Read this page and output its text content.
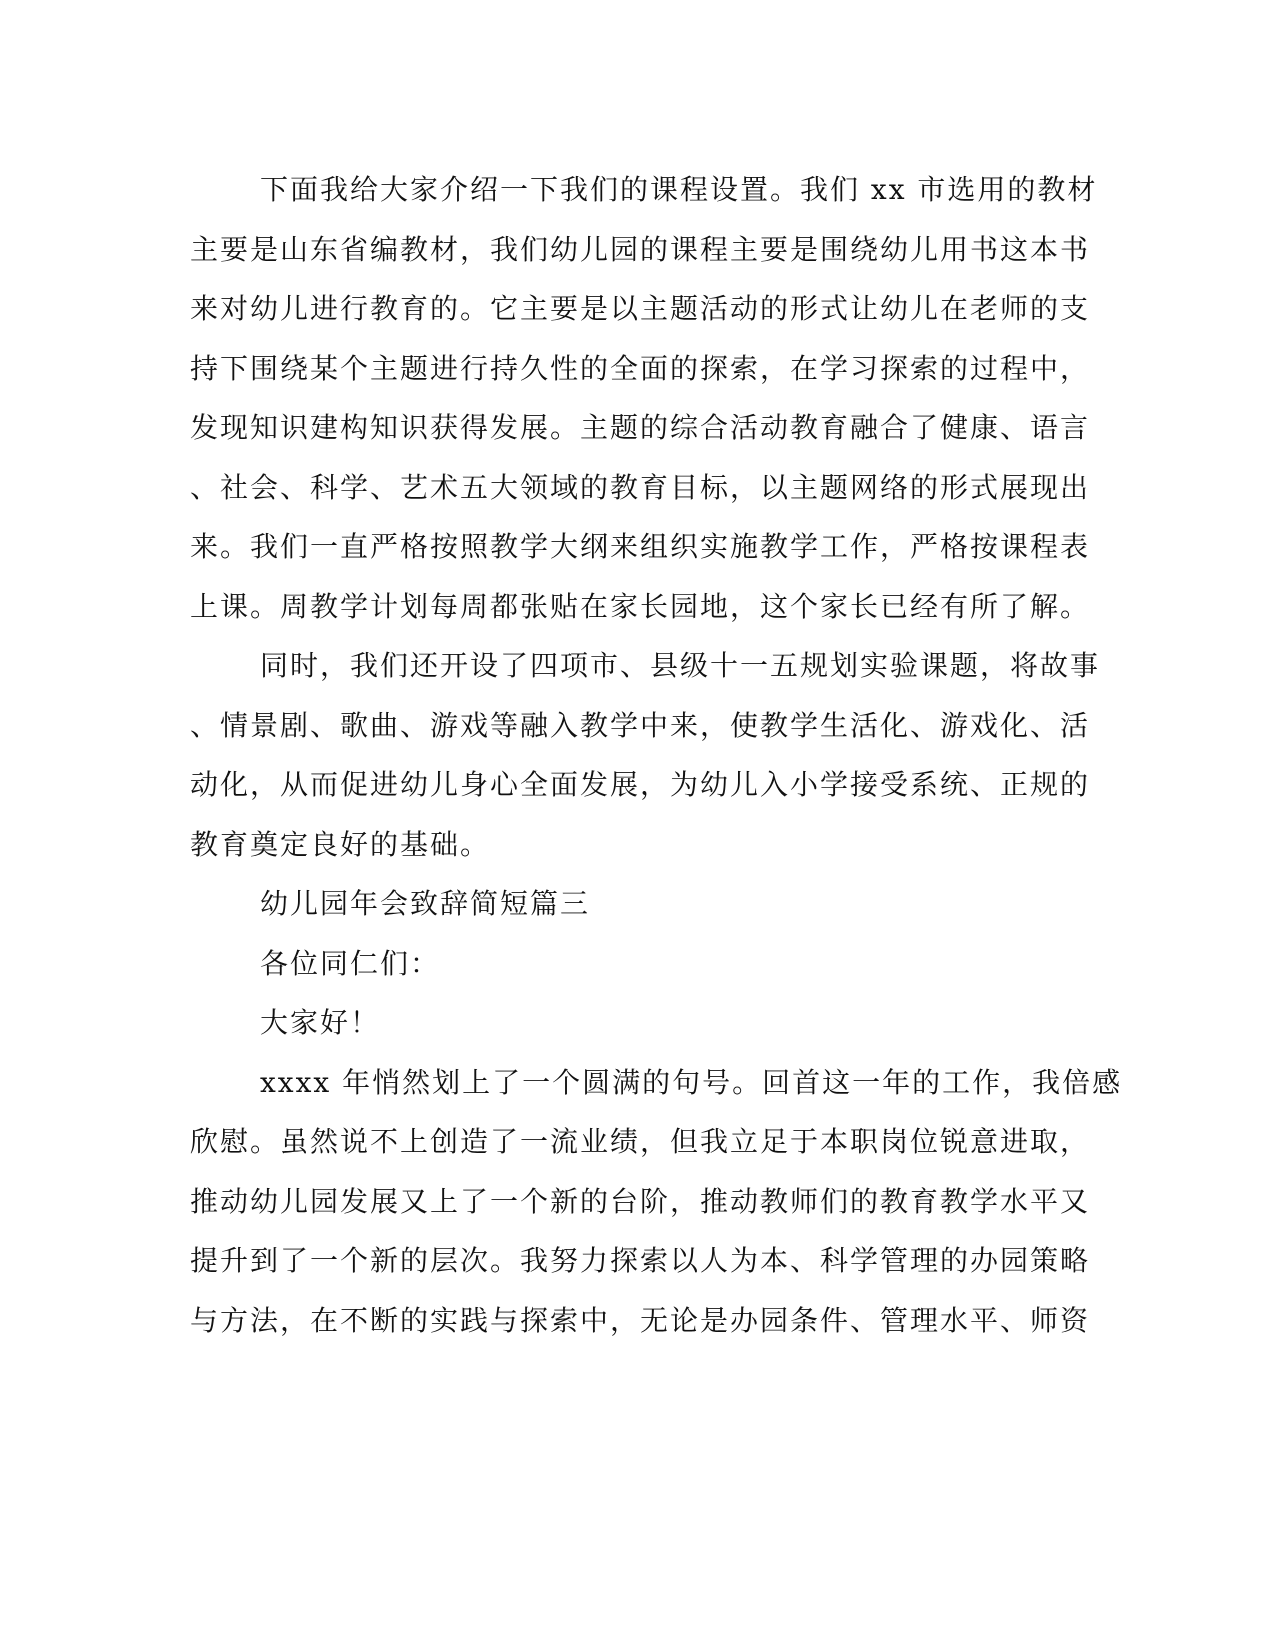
下面我给大家介绍一下我们的课程设置。我们 xx 市选用的教材
主要是山东省编教材，我们幼儿园的课程主要是围绕幼儿用书这本书
来对幼儿进行教育的。它主要是以主题活动的形式让幼儿在老师的支
持下围绕某个主题进行持久性的全面的探索，在学习探索的过程中，
发现知识建构知识获得发展。主题的综合活动教育融合了健康、语言
、社会、科学、艺术五大领域的教育目标，以主题网络的形式展现出
来。我们一直严格按照教学大纲来组织实施教学工作，严格按课程表
上课。周教学计划每周都张贴在家长园地，这个家长已经有所了解。
同时，我们还开设了四项市、县级十一五规划实验课题，将故事
、情景剧、歌曲、游戏等融入教学中来，使教学生活化、游戏化、活
动化，从而促进幼儿身心全面发展，为幼儿入小学接受系统、正规的
教育奠定良好的基础。
幼儿园年会致辞简短篇三
各位同仁们：
大家好！
xxxx 年悄然划上了一个圆满的句号。回首这一年的工作，我倍感
欣慰。虽然说不上创造了一流业绩，但我立足于本职岗位锐意进取，
推动幼儿园发展又上了一个新的台阶，推动教师们的教育教学水平又
提升到了一个新的层次。我努力探索以人为本、科学管理的办园策略
与方法，在不断的实践与探索中，无论是办园条件、管理水平、师资
